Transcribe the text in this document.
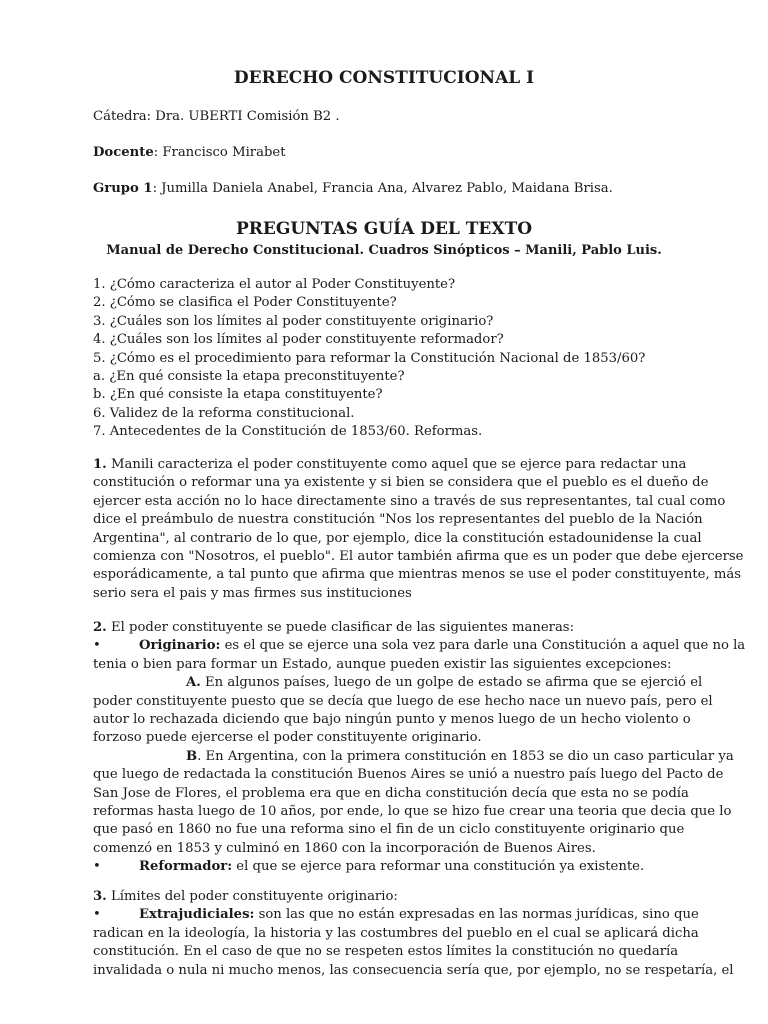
DERECHO CONSTITUCIONAL I
Cátedra: Dra. UBERTI Comisión B2 .
Docente: Francisco Mirabet
Grupo 1: Jumilla Daniela Anabel, Francia Ana, Alvarez Pablo, Maidana Brisa.
PREGUNTAS GUÍA DEL TEXTO
Manual de Derecho Constitucional. Cuadros Sinópticos – Manili, Pablo Luis.
1. ¿Cómo caracteriza el autor al Poder Constituyente?
2. ¿Cómo se clasifica el Poder Constituyente?
3. ¿Cuáles son los límites al poder constituyente originario?
4. ¿Cuáles son los límites al poder constituyente reformador?
5. ¿Cómo es el procedimiento para reformar la Constitución Nacional de 1853/60?
a. ¿En qué consiste la etapa preconstituyente?
b. ¿En qué consiste la etapa constituyente?
6. Validez de la reforma constitucional.
7. Antecedentes de la Constitución de 1853/60. Reformas.
1. Manili caracteriza el poder constituyente como aquel que se ejerce para redactar una
constitución o reformar una ya existente y si bien se considera que el pueblo es el dueño de
ejercer esta acción no lo hace directamente sino a través de sus representantes, tal cual como
dice el preámbulo de nuestra constitución "Nos los representantes del pueblo de la Nación
Argentina", al contrario de lo que, por ejemplo, dice la constitución estadounidense la cual
comienza con "Nosotros, el pueblo". El autor también afirma que es un poder que debe ejercerse
esporádicamente, a tal punto que afirma que mientras menos se use el poder constituyente, más
serio sera el pais y mas firmes sus instituciones
2. El poder constituyente se puede clasificar de las siguientes maneras:
•	Originario: es el que se ejerce una sola vez para darle una Constitución a aquel que no la
tenia o bien para formar un Estado, aunque pueden existir las siguientes excepciones:
A. En algunos países, luego de un golpe de estado se afirma que se ejerció el
poder constituyente puesto que se decía que luego de ese hecho nace un nuevo país, pero el
autor lo rechazada diciendo que bajo ningún punto y menos luego de un hecho violento o
forzoso puede ejercerse el poder constituyente originario.
B. En Argentina, con la primera constitución en 1853 se dio un caso particular ya
que luego de redactada la constitución Buenos Aires se unió a nuestro país luego del Pacto de
San Jose de Flores, el problema era que en dicha constitución decía que esta no se podía
reformas hasta luego de 10 años, por ende, lo que se hizo fue crear una teoria que decia que lo
que pasó en 1860 no fue una reforma sino el fin de un ciclo constituyente originario que
comenzó en 1853 y culminó en 1860 con la incorporación de Buenos Aires.
•	Reformador: el que se ejerce para reformar una constitución ya existente.
3. Límites del poder constituyente originario:
•	Extrajudiciales: son las que no están expresadas en las normas jurídicas, sino que
radican en la ideología, la historia y las costumbres del pueblo en el cual se aplicará dicha
constitución. En el caso de que no se respeten estos límites la constitución no quedaría
invalidada o nula ni mucho menos, las consecuencia sería que, por ejemplo, no se respetaría, el
